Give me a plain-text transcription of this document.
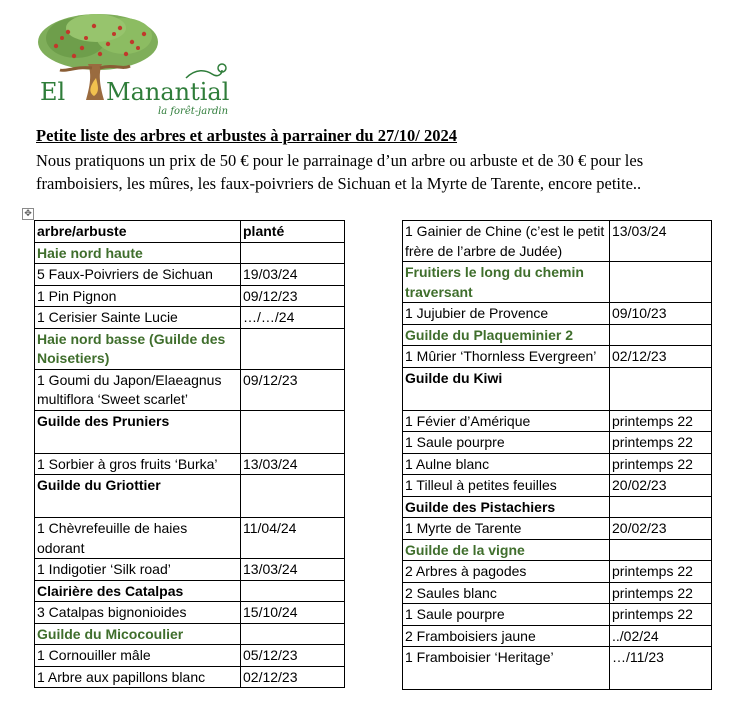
El Manantial
la forêt-jardin
Petite liste des arbres et arbustes à parrainer du 27/10/ 2024
Nous pratiquons un prix de 50 € pour le parrainage d’un arbre ou arbuste et de 30 € pour les framboisiers, les mûres, les faux-poivriers de Sichuan et la Myrte de Tarente, encore petite..
✥
arbre/arbuste	planté
Haie nord haute	
5 Faux-Poivriers de Sichuan	19/03/24
1 Pin Pignon	09/12/23
1 Cerisier Sainte Lucie	…/…/24
Haie nord basse (Guilde des Noisetiers)	
1 Goumi du Japon/Elaeagnus multiflora ‘Sweet scarlet’	09/12/23
Guilde des Pruniers	
1 Sorbier à gros fruits ‘Burka’	13/03/24
Guilde du Griottier	
1 Chèvrefeuille de haies odorant	11/04/24
1 Indigotier ‘Silk road’	13/03/24
Clairière des Catalpas	
3 Catalpas bignonioides	15/10/24
Guilde du Micocoulier	
1 Cornouiller mâle	05/12/23
1 Arbre aux papillons blanc	02/12/23
1 Gainier de Chine (c’est le petit frère de l’arbre de Judée)	13/03/24
Fruitiers le long du chemin traversant	
1 Jujubier de Provence	09/10/23
Guilde du Plaqueminier 2	
1 Mûrier ‘Thornless Evergreen’	02/12/23
Guilde du Kiwi	
1 Févier d’Amérique	printemps 22
1 Saule pourpre	printemps 22
1 Aulne blanc	printemps 22
1 Tilleul à petites feuilles	20/02/23
Guilde des Pistachiers	
1 Myrte de Tarente	20/02/23
Guilde de la vigne	
2 Arbres à pagodes	printemps 22
2 Saules blanc	printemps 22
1 Saule pourpre	printemps 22
2 Framboisiers jaune	../02/24
1 Framboisier ‘Heritage’	…/11/23
